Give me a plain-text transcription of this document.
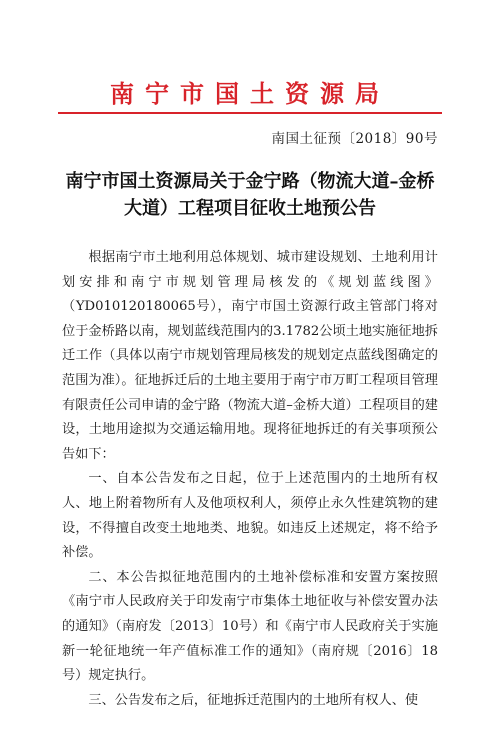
南宁市国土资源局
南国土征预〔2018〕90号
南宁市国土资源局关于金宁路（物流大道–金桥大道）工程项目征收土地预公告

根据南宁市土地利用总体规划、城市建设规划、土地利用计划安排和南宁市规划管理局核发的《规划蓝线图》（YD010120180065号），南宁市国土资源行政主管部门将对位于金桥路以南，规划蓝线范围内的3.1782公顷土地实施征地拆迁工作（具体以南宁市规划管理局核发的规划定点蓝线图确定的范围为准）。征地拆迁后的土地主要用于南宁市万町工程项目管理有限责任公司申请的金宁路（物流大道–金桥大道）工程项目的建设，土地用途拟为交通运输用地。现将征地拆迁的有关事项预公告如下：

一、自本公告发布之日起，位于上述范围内的土地所有权人、地上附着物所有人及他项权利人，须停止永久性建筑物的建设，不得擅自改变土地地类、地貌。如违反上述规定，将不给予补偿。

二、本公告拟征地范围内的土地补偿标准和安置方案按照《南宁市人民政府关于印发南宁市集体土地征收与补偿安置办法的通知》（南府发〔2013〕10号）和《南宁市人民政府关于实施新一轮征地统一年产值标准工作的通知》（南府规〔2016〕18号）规定执行。

三、公告发布之后，征地拆迁范围内的土地所有权人、使
